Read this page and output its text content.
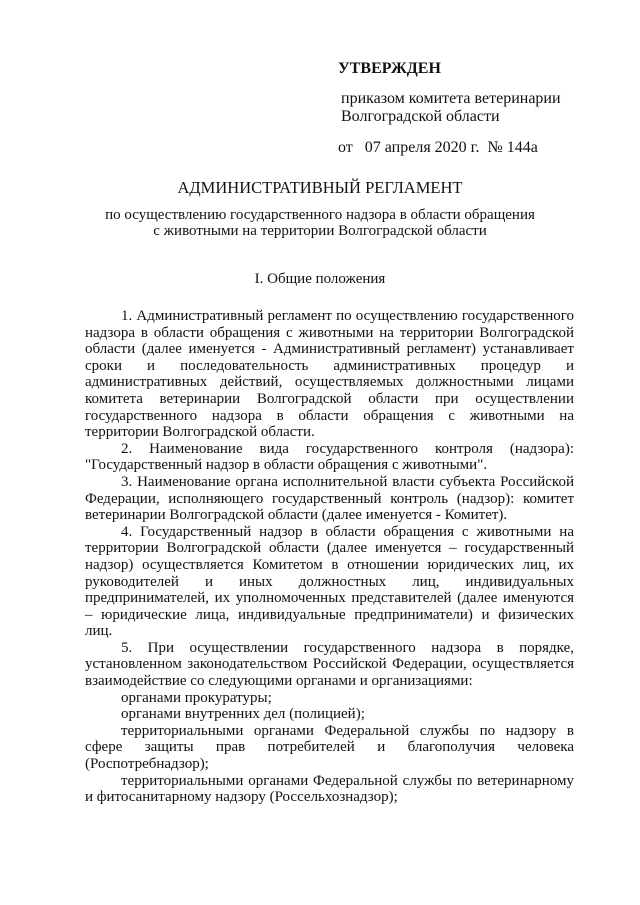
УТВЕРЖДЕН
приказом комитета ветеринарии
Волгоградской области
от 07 апреля 2020 г. № 144а
АДМИНИСТРАТИВНЫЙ РЕГЛАМЕНТ
по осуществлению государственного надзора в области обращения
с животными на территории Волгоградской области
I. Общие положения

1. Административный регламент по осуществлению государственного надзора в области обращения с животными на территории Волгоградской области (далее именуется - Административный регламент) устанавливает сроки и последовательность административных процедур и административных действий, осуществляемых должностными лицами комитета ветеринарии Волгоградской области при осуществлении государственного надзора в области обращения с животными на территории Волгоградской области.

2. Наименование вида государственного контроля (надзора): "Государственный надзор в области обращения с животными".

3. Наименование органа исполнительной власти субъекта Российской Федерации, исполняющего государственный контроль (надзор): комитет ветеринарии Волгоградской области (далее именуется - Комитет).

4. Государственный надзор в области обращения с животными на территории Волгоградской области (далее именуется – государственный надзор) осуществляется Комитетом в отношении юридических лиц, их руководителей и иных должностных лиц, индивидуальных предпринимателей, их уполномоченных представителей (далее именуются – юридические лица, индивидуальные предприниматели) и физических лиц.

5. При осуществлении государственного надзора в порядке, установленном законодательством Российской Федерации, осуществляется взаимодействие со следующими органами и организациями:

органами прокуратуры;

органами внутренних дел (полицией);

территориальными органами Федеральной службы по надзору в сфере защиты прав потребителей и благополучия человека (Роспотребнадзор);

территориальными органами Федеральной службы по ветеринарному и фитосанитарному надзору (Россельхознадзор);
